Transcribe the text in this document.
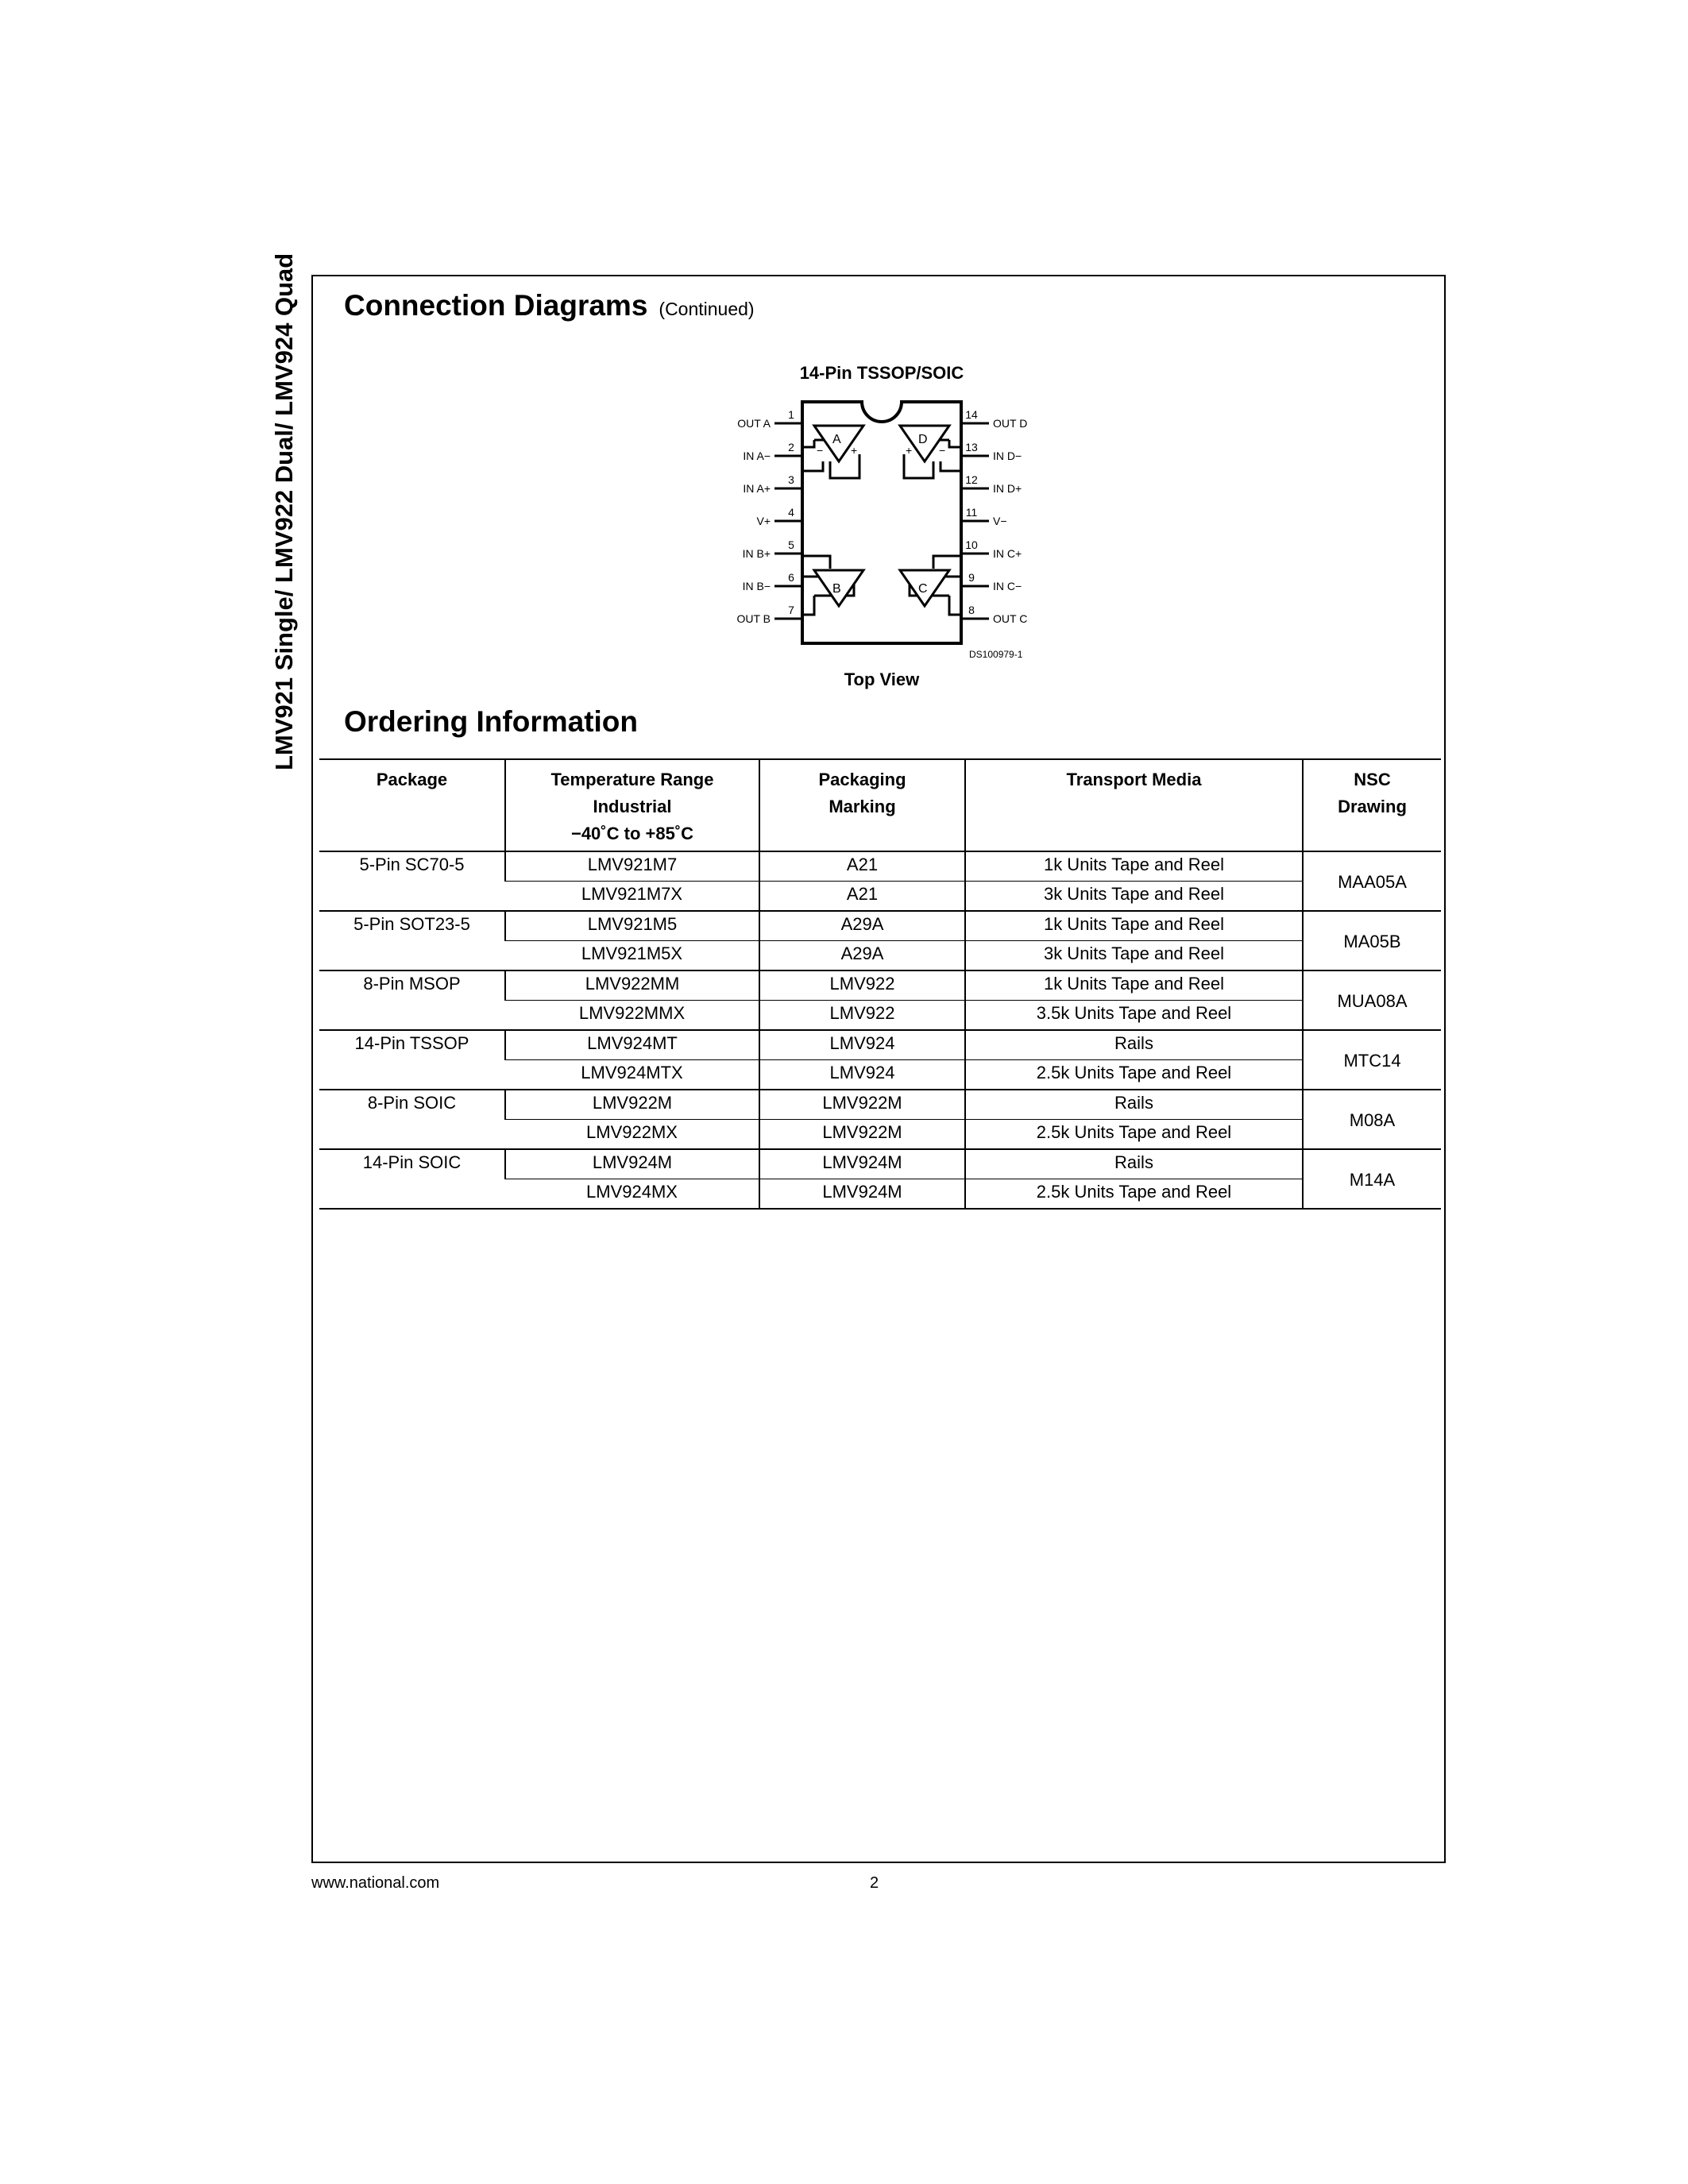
LMV921 Single/ LMV922 Dual/ LMV924 Quad Connection Diagrams (Continued)
14-Pin TSSOP/SOIC
1
OUT A
2
IN A−
3
IN A+
4
V+
5
IN B+
6
IN B−
7
OUT B
14
OUT D
13
IN D−
12
IN D+
11
V−
10
IN C+
9
IN C−
8
OUT C
A
− +
D
+ −
B	C
DS100979-1
Top View
Ordering Information
Package	Temperature Range
Industrial
−40˚C to +85˚C	Packaging
Marking	Transport Media	NSC
Drawing
5-Pin SC70-5	LMV921M7	A21	1k Units Tape and Reel	MAA05A
	LMV921M7X	A21	3k Units Tape and Reel	
5-Pin SOT23-5	LMV921M5	A29A	1k Units Tape and Reel	MA05B
	LMV921M5X	A29A	3k Units Tape and Reel	
8-Pin MSOP	LMV922MM	LMV922	1k Units Tape and Reel	MUA08A
	LMV922MMX	LMV922	3.5k Units Tape and Reel	
14-Pin TSSOP	LMV924MT	LMV924	Rails	MTC14
	LMV924MTX	LMV924	2.5k Units Tape and Reel	
8-Pin SOIC	LMV922M	LMV922M	Rails	M08A
	LMV922MX	LMV922M	2.5k Units Tape and Reel	
14-Pin SOIC	LMV924M	LMV924M	Rails	M14A
	LMV924MX	LMV924M	2.5k Units Tape and Reel	
www.national.com	2
